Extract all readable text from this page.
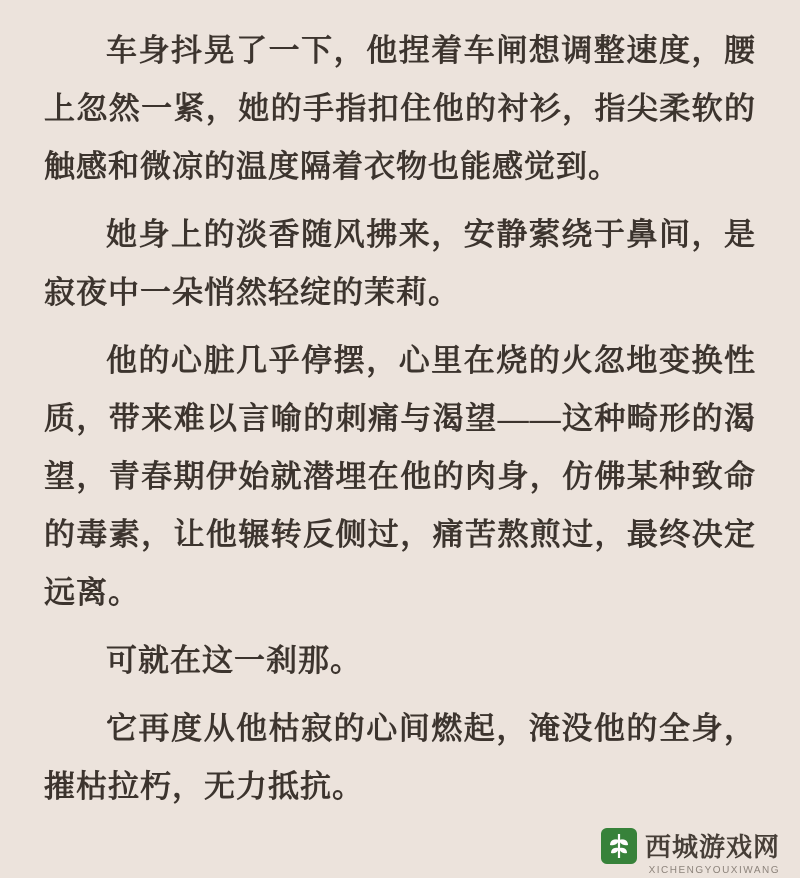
车身抖晃了一下，他捏着车闸想调整速度，腰上忽然一紧，她的手指扣住他的衬衫，指尖柔软的触感和微凉的温度隔着衣物也能感觉到。

她身上的淡香随风拂来，安静萦绕于鼻间，是寂夜中一朵悄然轻绽的茉莉。

他的心脏几乎停摆，心里在烧的火忽地变换性质，带来难以言喻的刺痛与渴望——这种畸形的渴望，青春期伊始就潜埋在他的肉身，仿佛某种致命的毒素，让他辗转反侧过，痛苦熬煎过，最终决定远离。

可就在这一刹那。

它再度从他枯寂的心间燃起，淹没他的全身，摧枯拉朽，无力抵抗。

西城游戏网
XICHENGYOUXIWANG
